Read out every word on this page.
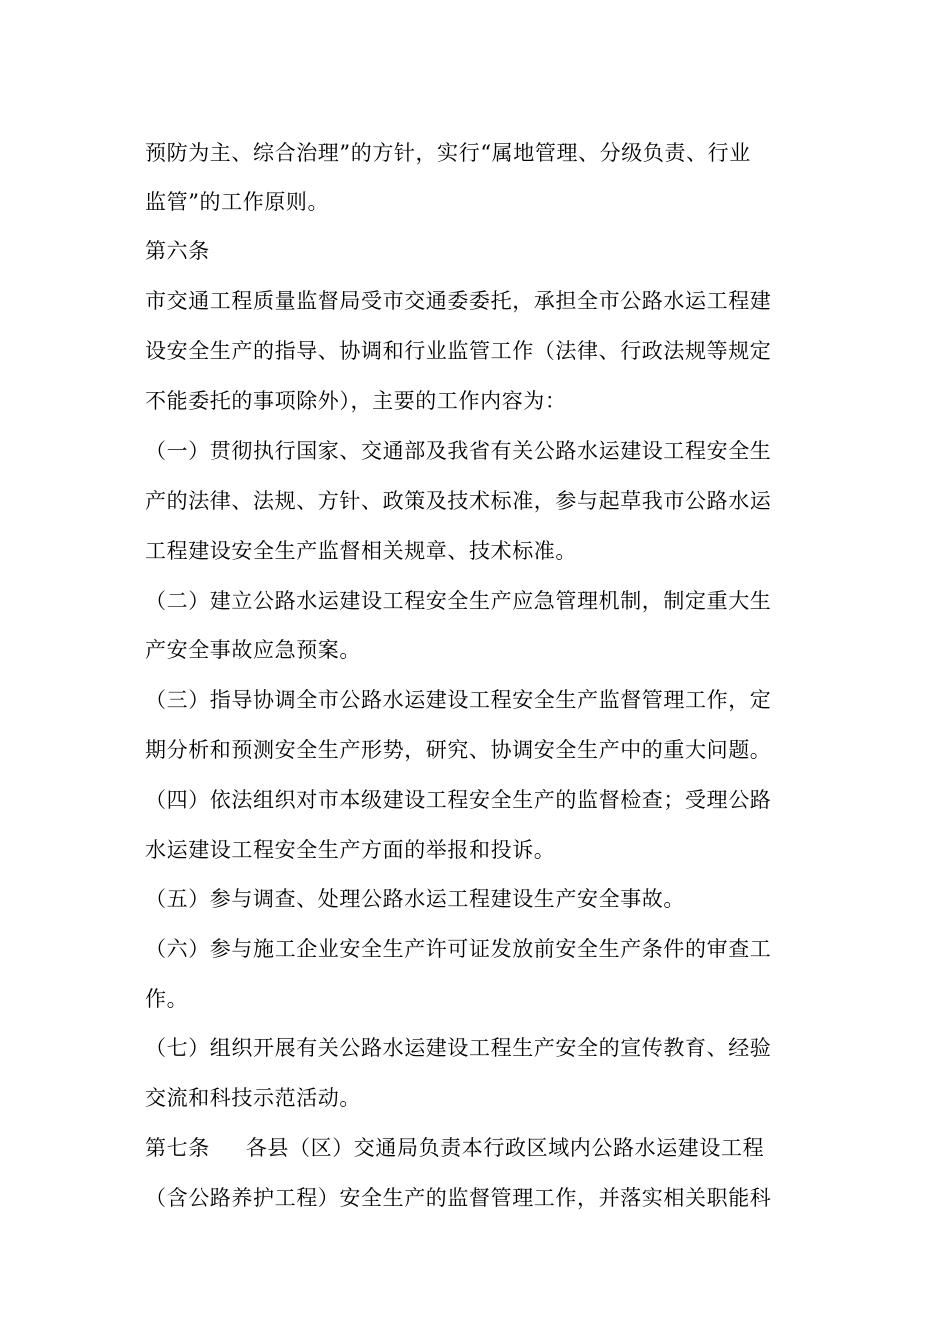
预防为主、综合治理”的方针，实行“属地管理、分级负责、行业
监管”的工作原则。
第六条
市交通工程质量监督局受市交通委委托，承担全市公路水运工程建
设安全生产的指导、协调和行业监管工作（法律、行政法规等规定
不能委托的事项除外），主要的工作内容为：
（一）贯彻执行国家、交通部及我省有关公路水运建设工程安全生
产的法律、法规、方针、政策及技术标准，参与起草我市公路水运
工程建设安全生产监督相关规章、技术标准。
（二）建立公路水运建设工程安全生产应急管理机制，制定重大生
产安全事故应急预案。
（三）指导协调全市公路水运建设工程安全生产监督管理工作，定
期分析和预测安全生产形势，研究、协调安全生产中的重大问题。
（四）依法组织对市本级建设工程安全生产的监督检查；受理公路
水运建设工程安全生产方面的举报和投诉。
（五）参与调查、处理公路水运工程建设生产安全事故。
（六）参与施工企业安全生产许可证发放前安全生产条件的审查工
作。
（七）组织开展有关公路水运建设工程生产安全的宣传教育、经验
交流和科技示范活动。
第七条 各县（区）交通局负责本行政区域内公路水运建设工程
（含公路养护工程）安全生产的监督管理工作，并落实相关职能科
